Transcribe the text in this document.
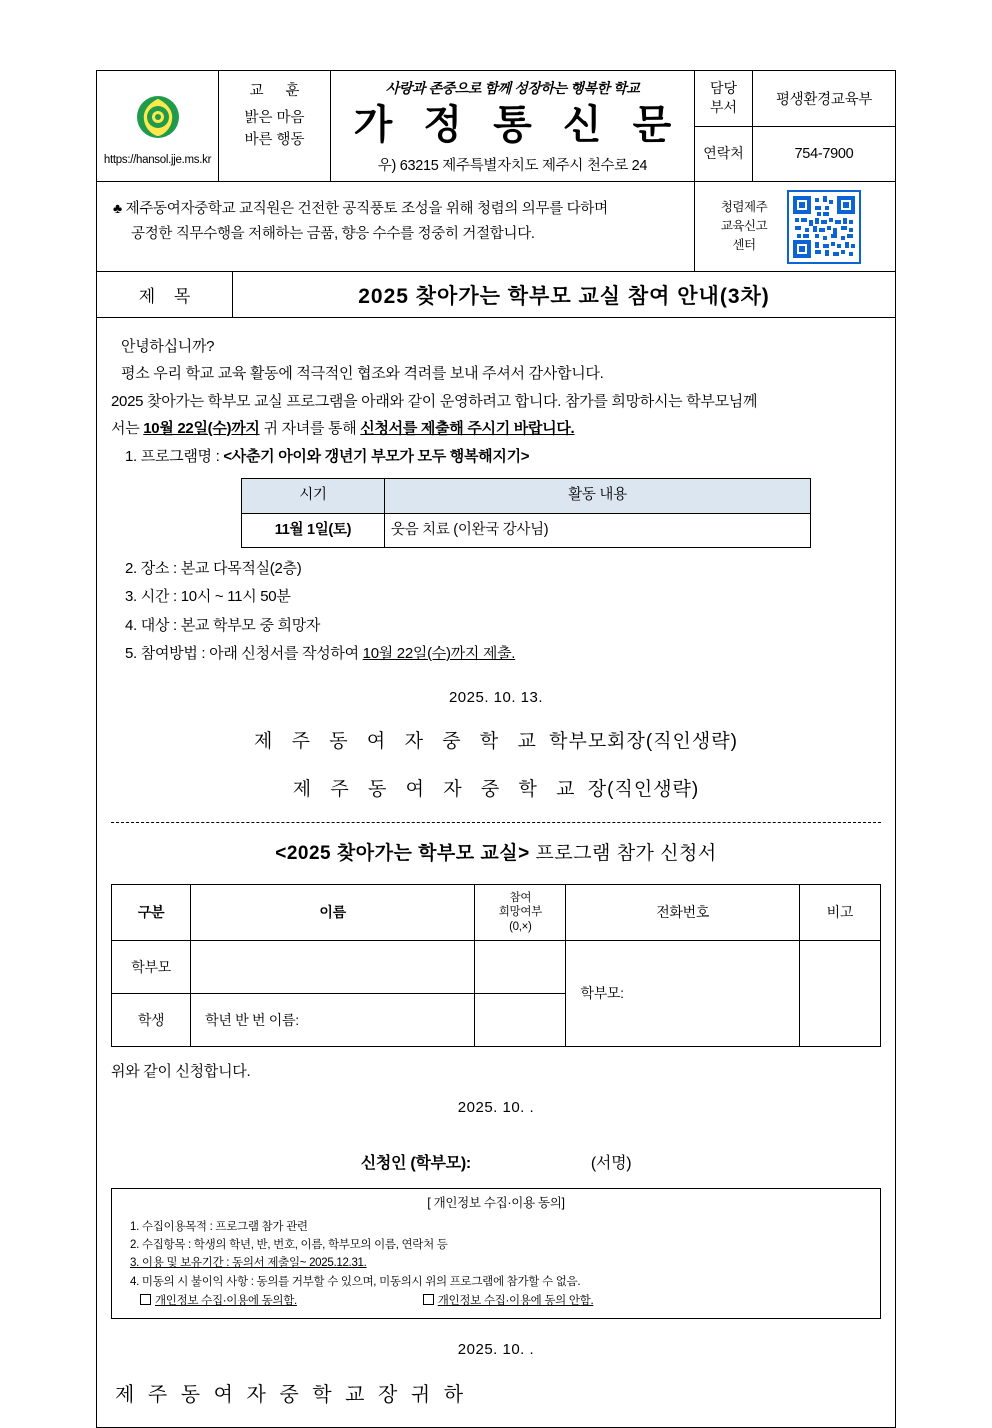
https://hansol.jje.ms.kr
교 훈
밝은 마음
바른 행동
사랑과 존중으로 함께 성장하는 행복한 학교
가 정 통 신 문
우) 63215 제주특별자치도 제주시 천수로 24
담당
부서	평생환경교육부
연락처	754-7900
♣ 제주동여자중학교 교직원은 건전한 공직풍토 조성을 위해 청렴의 의무를 다하며
공정한 직무수행을 저해하는 금품, 향응 수수를 정중히 거절합니다.
청렴제주
교육신고
센터
제 목	2025 찾아가는 학부모 교실 참여 안내(3차)
안녕하십니까?
평소 우리 학교 교육 활동에 적극적인 협조와 격려를 보내 주셔서 감사합니다.
2025 찾아가는 학부모 교실 프로그램을 아래와 같이 운영하려고 합니다. 참가를 희망하시는 학부모님께
서는 10월 22일(수)까지 귀 자녀를 통해 신청서를 제출해 주시기 바랍니다.
1. 프로그램명 : <사춘기 아이와 갱년기 부모가 모두 행복해지기>
시기	활동 내용
11월 1일(토)	웃음 치료 (이완국 강사님)
2. 장소 : 본교 다목적실(2층)
3. 시간 : 10시 ~ 11시 50분
4. 대상 : 본교 학부모 중 희망자
5. 참여방법 : 아래 신청서를 작성하여 10월 22일(수)까지 제출.
2025. 10. 13.
제 주 동 여 자 중 학 교 학부모회장(직인생략)
제 주 동 여 자 중 학 교 장(직인생략)
<2025 찾아가는 학부모 교실> 프로그램 참가 신청서
구분	이름	참여
희망여부
(0,×)	전화번호	비고
학부모			학부모:	
학생	학년 반 번 이름:			
위와 같이 신청합니다.
2025. 10. .
신청인 (학부모):	(서명)
[ 개인정보 수집·이용 동의]
1. 수집이용목적 : 프로그램 참가 관련
2. 수집항목 : 학생의 학년, 반, 번호, 이름, 학부모의 이름, 연락처 등
3. 이용 및 보유기간 : 동의서 제출일~ 2025.12.31.
4. 미동의 시 불이익 사항 : 동의를 거부할 수 있으며, 미동의시 위의 프로그램에 참가할 수 없음.
개인정보 수집·이용에 동의함.	개인정보 수집·이용에 동의 안함.
2025. 10. .
제 주 동 여 자 중 학 교 장 귀 하
